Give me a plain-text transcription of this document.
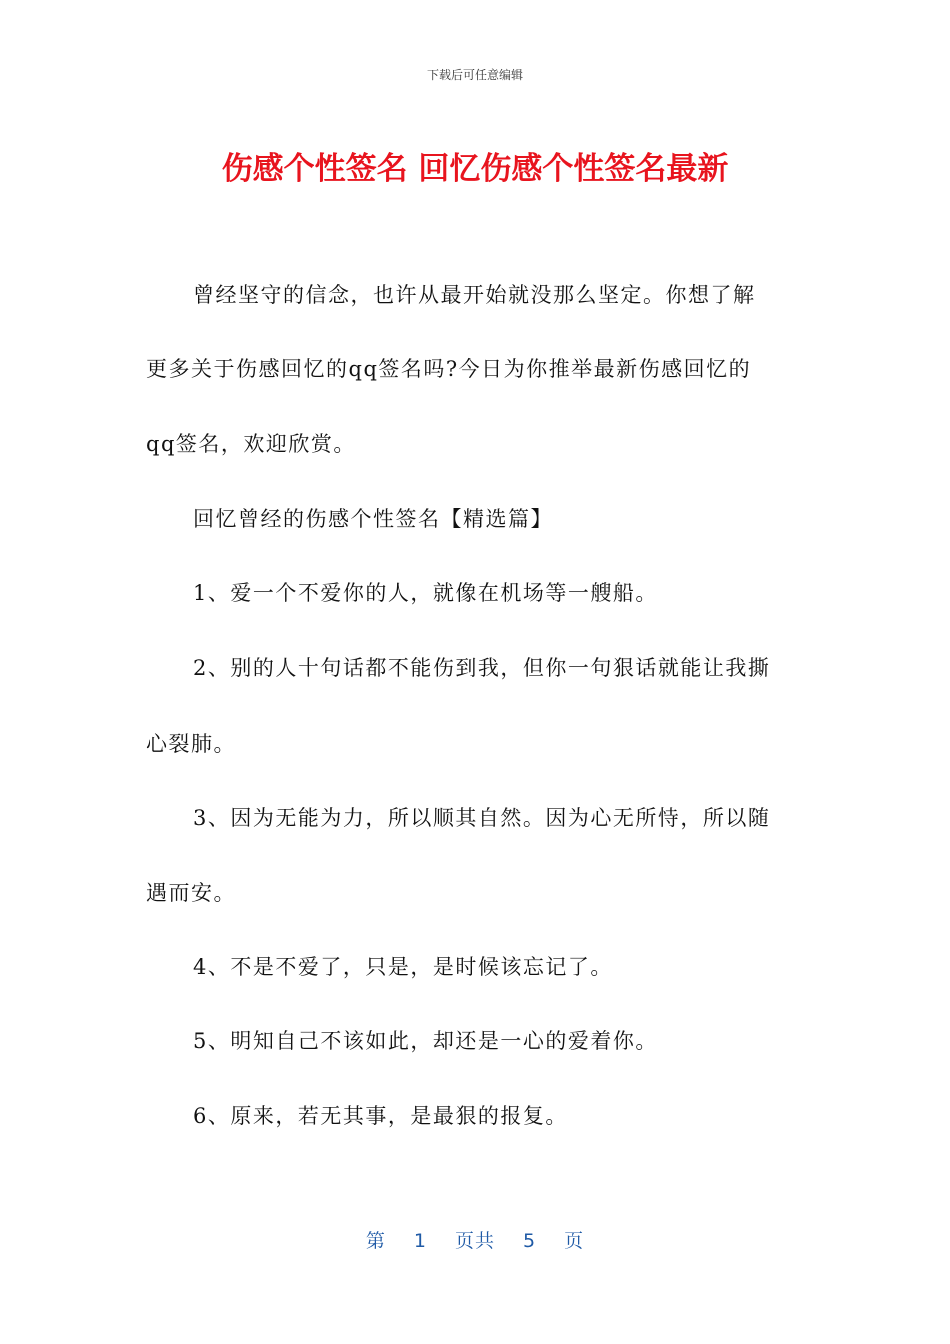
下载后可任意编辑
伤感个性签名 回忆伤感个性签名最新
曾经坚守的信念，也许从最开始就没那么坚定。你想了解
更多关于伤感回忆的qq签名吗?今日为你推举最新伤感回忆的
qq签名，欢迎欣赏。
回忆曾经的伤感个性签名【精选篇】
1、爱一个不爱你的人，就像在机场等一艘船。
2、别的人十句话都不能伤到我，但你一句狠话就能让我撕
心裂肺。
3、因为无能为力，所以顺其自然。因为心无所恃，所以随
遇而安。
4、不是不爱了，只是，是时候该忘记了。
5、明知自己不该如此，却还是一心的爱着你。
6、原来，若无其事，是最狠的报复。
第 1 页共 5 页
